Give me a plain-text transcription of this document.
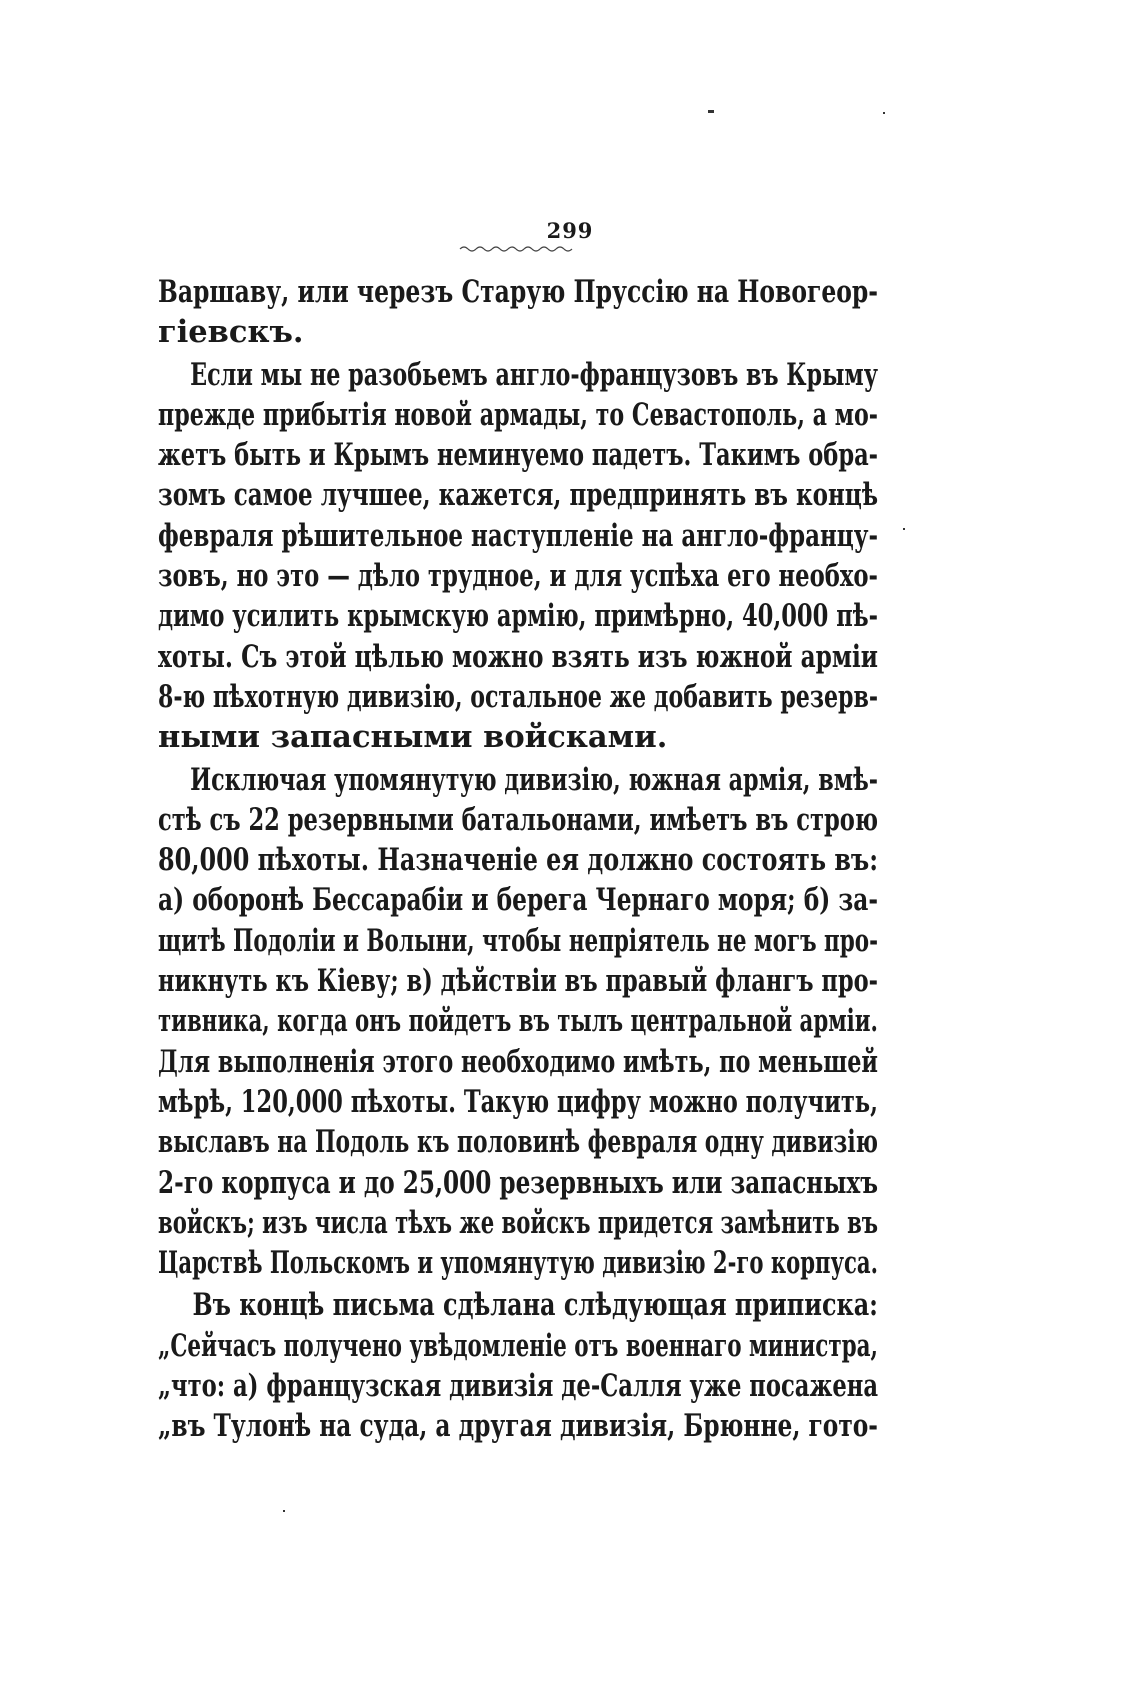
299
Варшаву, или черезъ Старую Пруссію на Новогеор-
гіевскъ.
Если мы не разобьемъ англо-французовъ въ Крыму
прежде прибытія новой армады, то Севастополь, а мо-
жетъ быть и Крымъ неминуемо падетъ. Такимъ обра-
зомъ самое лучшее, кажется, предпринять въ концѣ
февраля рѣшительное наступленіе на англо-францу-
зовъ, но это — дѣло трудное, и для успѣха его необхо-
димо усилить крымскую армію, примѣрно, 40,000 пѣ-
хоты. Съ этой цѣлью можно взять изъ южной арміи
8-ю пѣхотную дивизію, остальное же добавить резерв-
ными запасными войсками.
Исключая упомянутую дивизію, южная армія, вмѣ-
стѣ съ 22 резервными батальонами, имѣетъ въ строю
80,000 пѣхоты. Назначеніе ея должно состоять въ:
а) оборонѣ Бессарабіи и берега Чернаго моря; б) за-
щитѣ Подоліи и Волыни, чтобы непріятель не могъ про-
никнуть къ Кіеву; в) дѣйствіи въ правый флангъ про-
тивника, когда онъ пойдетъ въ тылъ центральной арміи.
Для выполненія этого необходимо имѣть, по меньшей
мѣрѣ, 120,000 пѣхоты. Такую цифру можно получить,
выславъ на Подоль къ половинѣ февраля одну дивизію
2-го корпуса и до 25,000 резервныхъ или запасныхъ
войскъ; изъ числа тѣхъ же войскъ придется замѣнить въ
Царствѣ Польскомъ и упомянутую дивизію 2-го корпуса.
Въ концѣ письма сдѣлана слѣдующая приписка:
„Сейчасъ получено увѣдомленіе отъ военнаго министра,
„что: а) французская дивизія де-Салля уже посажена
„въ Тулонѣ на суда, а другая дивизія, Брюнне, гото-
